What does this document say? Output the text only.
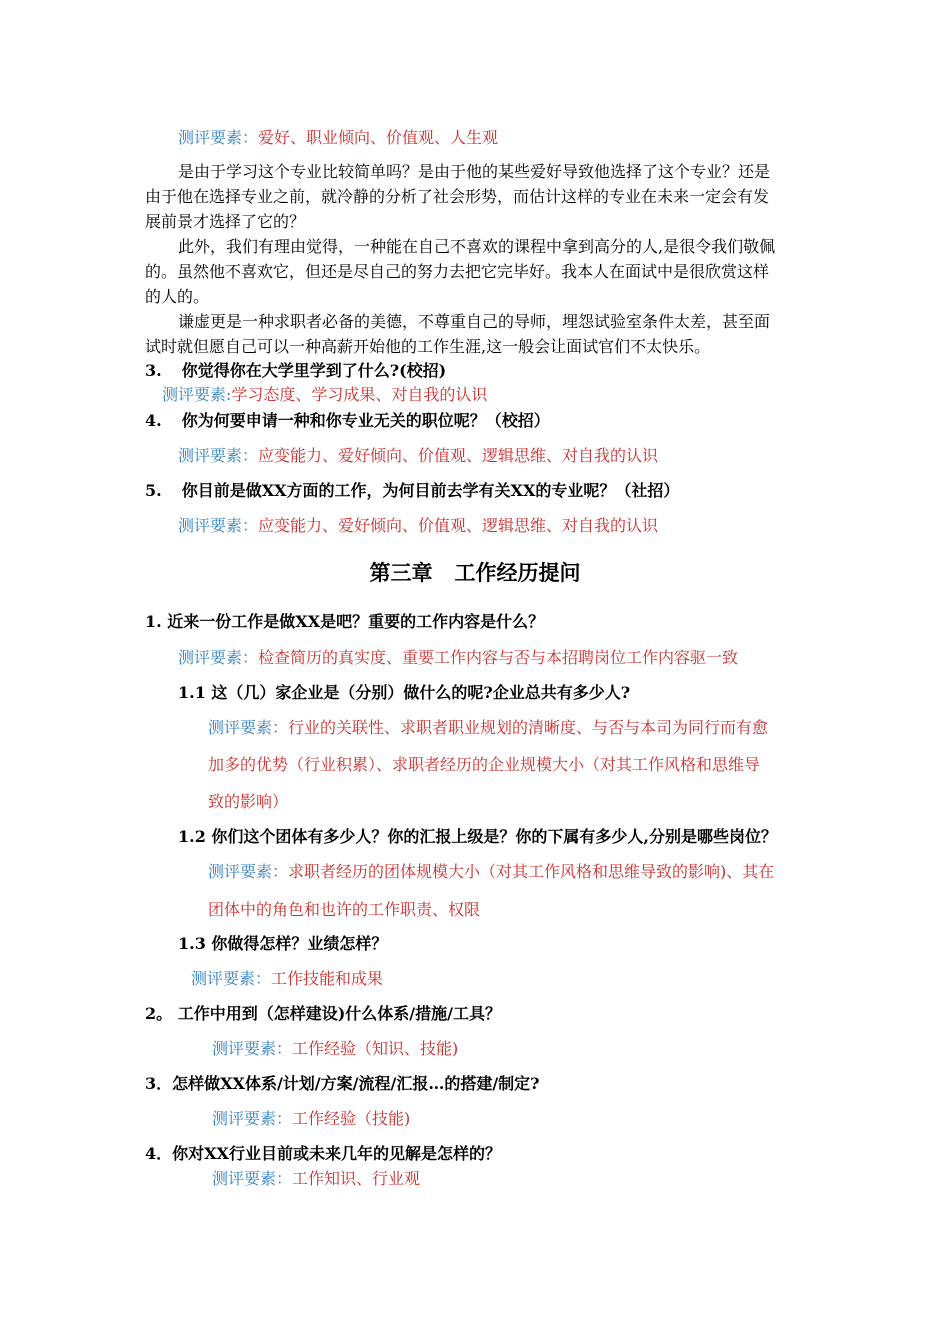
测评要素：爱好、职业倾向、价值观、人生观
是由于学习这个专业比较简单吗？是由于他的某些爱好导致他选择了这个专业？还是
由于他在选择专业之前，就冷静的分析了社会形势，而估计这样的专业在未来一定会有发
展前景才选择了它的？
此外，我们有理由觉得，一种能在自己不喜欢的课程中拿到高分的人,是很令我们敬佩
的。虽然他不喜欢它，但还是尽自己的努力去把它完毕好。我本人在面试中是很欣赏这样
的人的。
谦虚更是一种求职者必备的美德，不尊重自己的导师，埋怨试验室条件太差，甚至面
试时就但愿自己可以一种高薪开始他的工作生涯,这一般会让面试官们不太快乐。
3. 你觉得你在大学里学到了什么?(校招)
测评要素:学习态度、学习成果、对自我的认识
4. 你为何要申请一种和你专业无关的职位呢？（校招）
测评要素：应变能力、爱好倾向、价值观、逻辑思维、对自我的认识
5. 你目前是做XX方面的工作，为何目前去学有关XX的专业呢？（社招）
测评要素：应变能力、爱好倾向、价值观、逻辑思维、对自我的认识
第三章 工作经历提问
1. 近来一份工作是做XX是吧？重要的工作内容是什么？
测评要素：检查简历的真实度、重要工作内容与否与本招聘岗位工作内容驱一致
1.1 这（几）家企业是（分别）做什么的呢?企业总共有多少人?
测评要素：行业的关联性、求职者职业规划的清晰度、与否与本司为同行而有愈
加多的优势（行业积累）、求职者经历的企业规模大小（对其工作风格和思维导
致的影响）
1.2 你们这个团体有多少人？你的汇报上级是？你的下属有多少人,分别是哪些岗位？
测评要素：求职者经历的团体规模大小（对其工作风格和思维导致的影响)、其在
团体中的角色和也许的工作职责、权限
1.3 你做得怎样？业绩怎样？
测评要素：工作技能和成果
2。 工作中用到（怎样建设)什么体系/措施/工具？
测评要素：工作经验（知识、技能)
3．怎样做XX体系/计划/方案/流程/汇报…的搭建/制定?
测评要素：工作经验（技能)
4．你对XX行业目前或未来几年的见解是怎样的？
测评要素：工作知识、行业观
